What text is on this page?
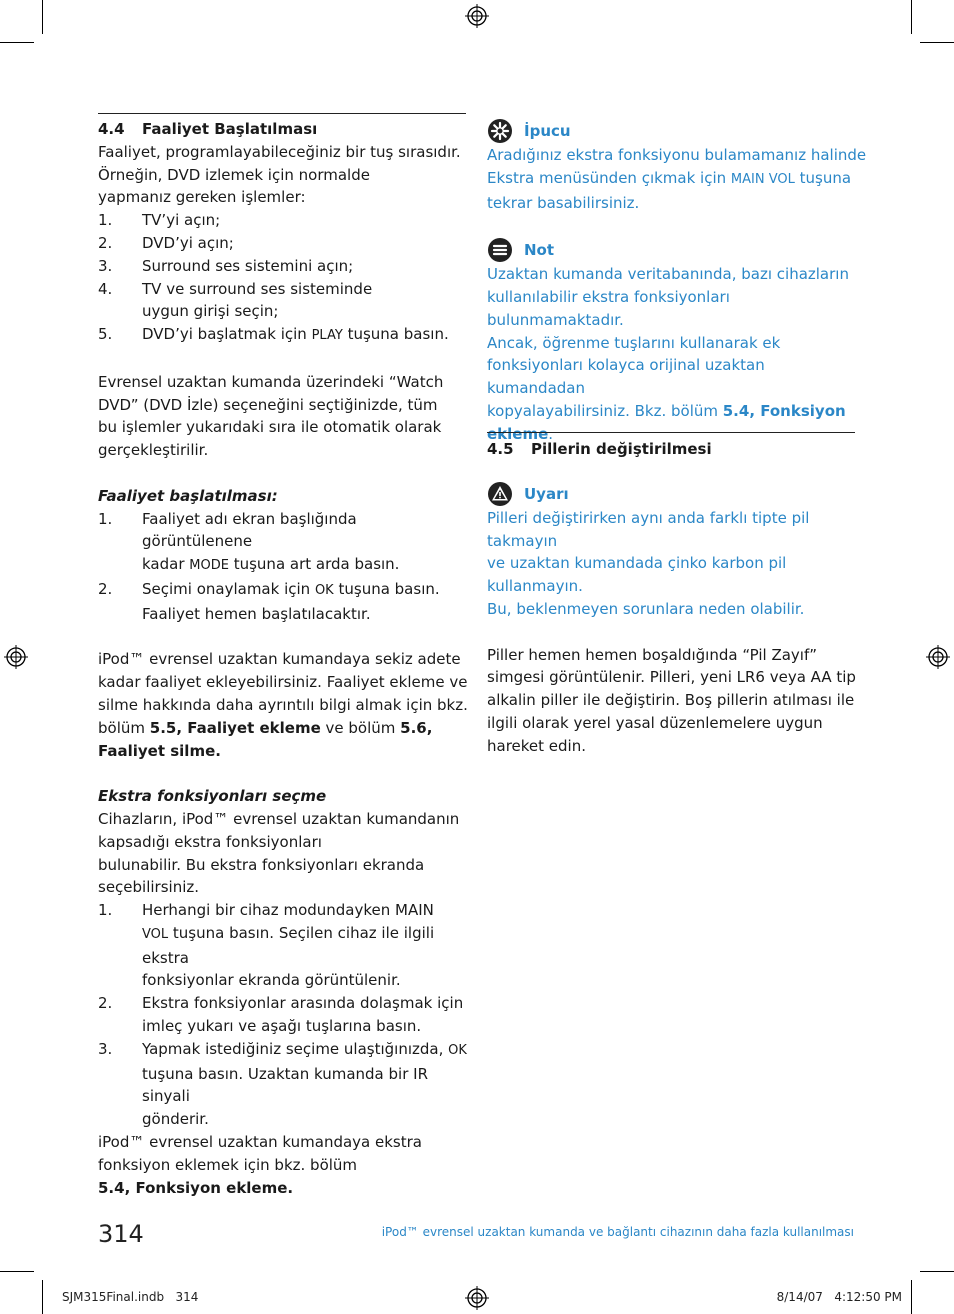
4.4 Faaliyet Başlatılması

Faaliyet, programlayabileceğiniz bir tuş sırasıdır.

Örneğin, DVD izlemek için normalde

yapmanız gereken işlemler:

1. TV’yi açın;
2. DVD’yi açın;
3. Surround ses sistemini açın;
4. TV ve surround ses sisteminde
uygun girişi seçin;
5. DVD’yi başlatmak için PLAY tuşuna basın.

Evrensel uzaktan kumanda üzerindeki “Watch

DVD” (DVD İzle) seçeneğini seçtiğinizde, tüm

bu işlemler yukarıdaki sıra ile otomatik olarak

gerçekleştirilir.

Faaliyet başlatılması:

1. Faaliyet adı ekran başlığında görüntülenene
kadar MODE tuşuna art arda basın.
2. Seçimi onaylamak için OK tuşuna basın.
Faaliyet hemen başlatılacaktır.

iPod™ evrensel uzaktan kumandaya sekiz adete

kadar faaliyet ekleyebilirsiniz. Faaliyet ekleme ve

silme hakkında daha ayrıntılı bilgi almak için bkz.

bölüm 5.5, Faaliyet ekleme ve bölüm 5.6,

Faaliyet silme.

Ekstra fonksiyonları seçme

Cihazların, iPod™ evrensel uzaktan kumandanın

kapsadığı ekstra fonksiyonları

bulunabilir. Bu ekstra fonksiyonları ekranda

seçebilirsiniz.

1. Herhangi bir cihaz modundayken MAIN
VOL tuşuna basın. Seçilen cihaz ile ilgili ekstra
fonksiyonlar ekranda görüntülenir.
2. Ekstra fonksiyonlar arasında dolaşmak için
imleç yukarı ve aşağı tuşlarına basın.
3. Yapmak istediğiniz seçime ulaştığınızda, OK
tuşuna basın. Uzaktan kumanda bir IR sinyali
gönderir.

iPod™ evrensel uzaktan kumandaya ekstra

fonksiyon eklemek için bkz. bölüm

5.4, Fonksiyon ekleme.

İpucu

Aradığınız ekstra fonksiyonu bulamamanız halinde

Ekstra menüsünden çıkmak için MAIN VOL tuşuna

tekrar basabilirsiniz.

Not

Uzaktan kumanda veritabanında, bazı cihazların

kullanılabilir ekstra fonksiyonları bulunmamaktadır.

Ancak, öğrenme tuşlarını kullanarak ek

fonksiyonları kolayca orijinal uzaktan kumandadan

kopyalayabilirsiniz. Bkz. bölüm 5.4, Fonksiyon

ekleme.

4.5 Pillerin değiştirilmesi

Uyarı

Pilleri değiştirirken aynı anda farklı tipte pil takmayın

ve uzaktan kumandada çinko karbon pil kullanmayın.

Bu, beklenmeyen sorunlara neden olabilir.

Piller hemen hemen boşaldığında “Pil Zayıf”

simgesi görüntülenir. Pilleri, yeni LR6 veya AA tip

alkalin piller ile değiştirin. Boş pillerin atılması ile

ilgili olarak yerel yasal düzenlemelere uygun

hareket edin.

314	iPod™ evrensel uzaktan kumanda ve bağlantı cihazının daha fazla kullanılması
SJM315Final.indb   314	8/14/07   4:12:50 PM
